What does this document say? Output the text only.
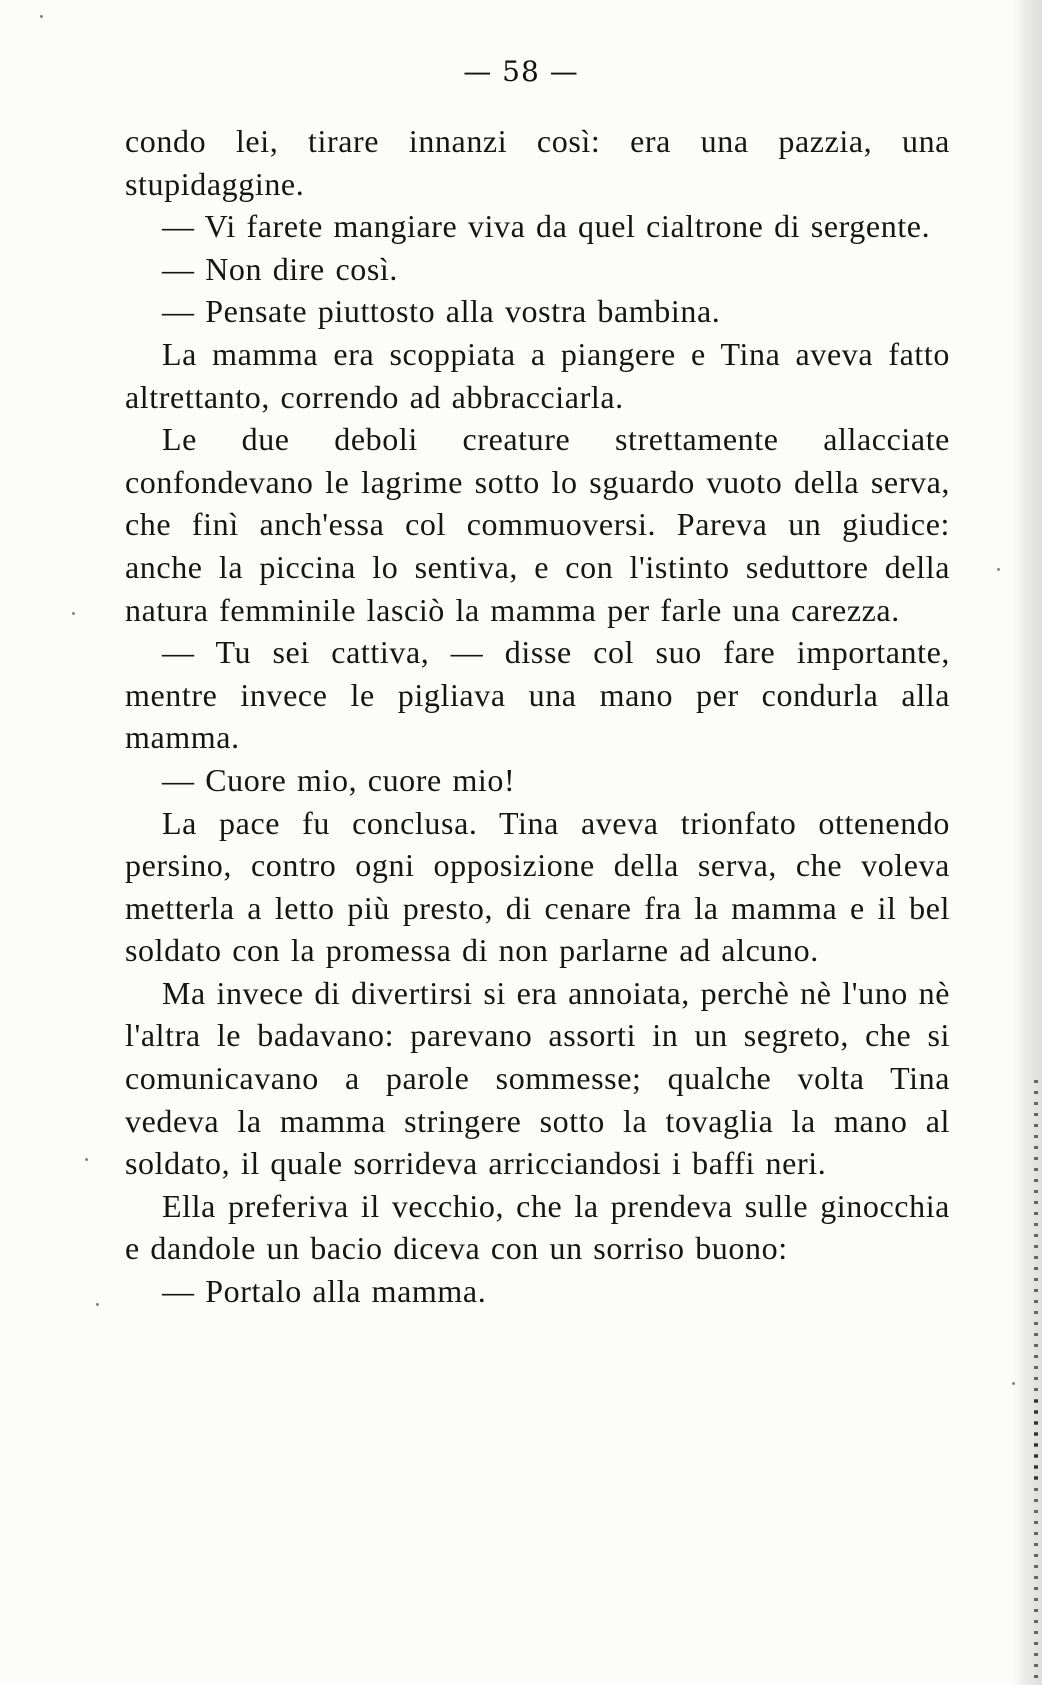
— 58 —

condo lei, tirare innanzi così: era una pazzia, una stupidaggine.

— Vi farete mangiare viva da quel cialtrone di sergente.

— Non dire così.

— Pensate piuttosto alla vostra bambina.

La mamma era scoppiata a piangere e Tina aveva fatto altrettanto, correndo ad abbracciarla.

Le due deboli creature strettamente allacciate confondevano le lagrime sotto lo sguardo vuoto della serva, che finì anch'essa col commuoversi. Pareva un giudice: anche la piccina lo sentiva, e con l'istinto seduttore della natura femminile lasciò la mamma per farle una carezza.

— Tu sei cattiva, — disse col suo fare importante, mentre invece le pigliava una mano per condurla alla mamma.

— Cuore mio, cuore mio!

La pace fu conclusa. Tina aveva trionfato ottenendo persino, contro ogni opposizione della serva, che voleva metterla a letto più presto, di cenare fra la mamma e il bel soldato con la promessa di non parlarne ad alcuno.

Ma invece di divertirsi si era annoiata, perchè nè l'uno nè l'altra le badavano: parevano assorti in un segreto, che si comunicavano a parole sommesse; qualche volta Tina vedeva la mamma stringere sotto la tovaglia la mano al soldato, il quale sorrideva arricciandosi i baffi neri.

Ella preferiva il vecchio, che la prendeva sulle ginocchia e dandole un bacio diceva con un sorriso buono:

— Portalo alla mamma.
